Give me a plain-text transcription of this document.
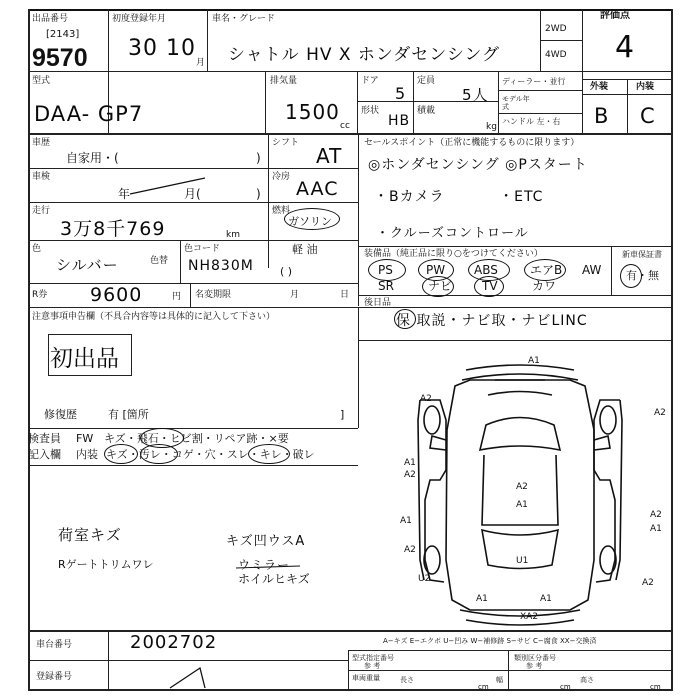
出品番号
[2143]
9570
初度登録年月
30 10
月
車名・グレード
シャトル HV X ホンダセンシング
2WD
4WD
評価点
4
型式
DAA- GP7
排気量
1500
cc
ドア
5
定員
5人
形状
HB
積載
kg
ディーラー・並行
モデル年式
ハンドル 左・右
外装	内装
B C
車歴
自家用・(	)
シフト
AT
車検
年	月(	)
冷房
AAC
走行
3万8千769	km
燃料
ガソリン
軽 油
( )
色
シルバー	色替
色コード
NH830M
R券 9600	円 名変期限	月	日
セールスポイント（正常に機能するものに限ります）
◎ホンダセンシング ◎Pスタート
・Bカメラ          ・ETC
・クルーズコントロール
装備品（純正品に限り○をつけてください）	新車保証書
有・無
PS	PW ABS	エアB AW
SR	ナビ TV	カワ
後日品
保 取説・ナビ取・ナビLINC
注意事項申告欄（不具合内容等は具体的に記入して下さい）
初出品
修復歴	有 [箇所	]
検査員
記入欄
FW キズ・飛石・ヒビ割・リペア跡・×要
内装 キズ・汚レ・コゲ・穴・スレ・キレ・破レ
荷室キズ	キズ凹ウスA
Rゲートトリムワレ	ウミラー
ホイルヒキズ
A1
A2
A2
A1
A2
A2
A1
A2
A1
A1
A2
U1
U2	A2
A1	A1
XA2
A−キズ E−エクボ U−凹み W−補修跡 S−サビ C−腐食 XX−交換済
車台番号	2002702
登録番号
型式指定番号
参 考
類別区分番号
参 考
車両重量	長さ	幅	高さ
cm	cm	cm
